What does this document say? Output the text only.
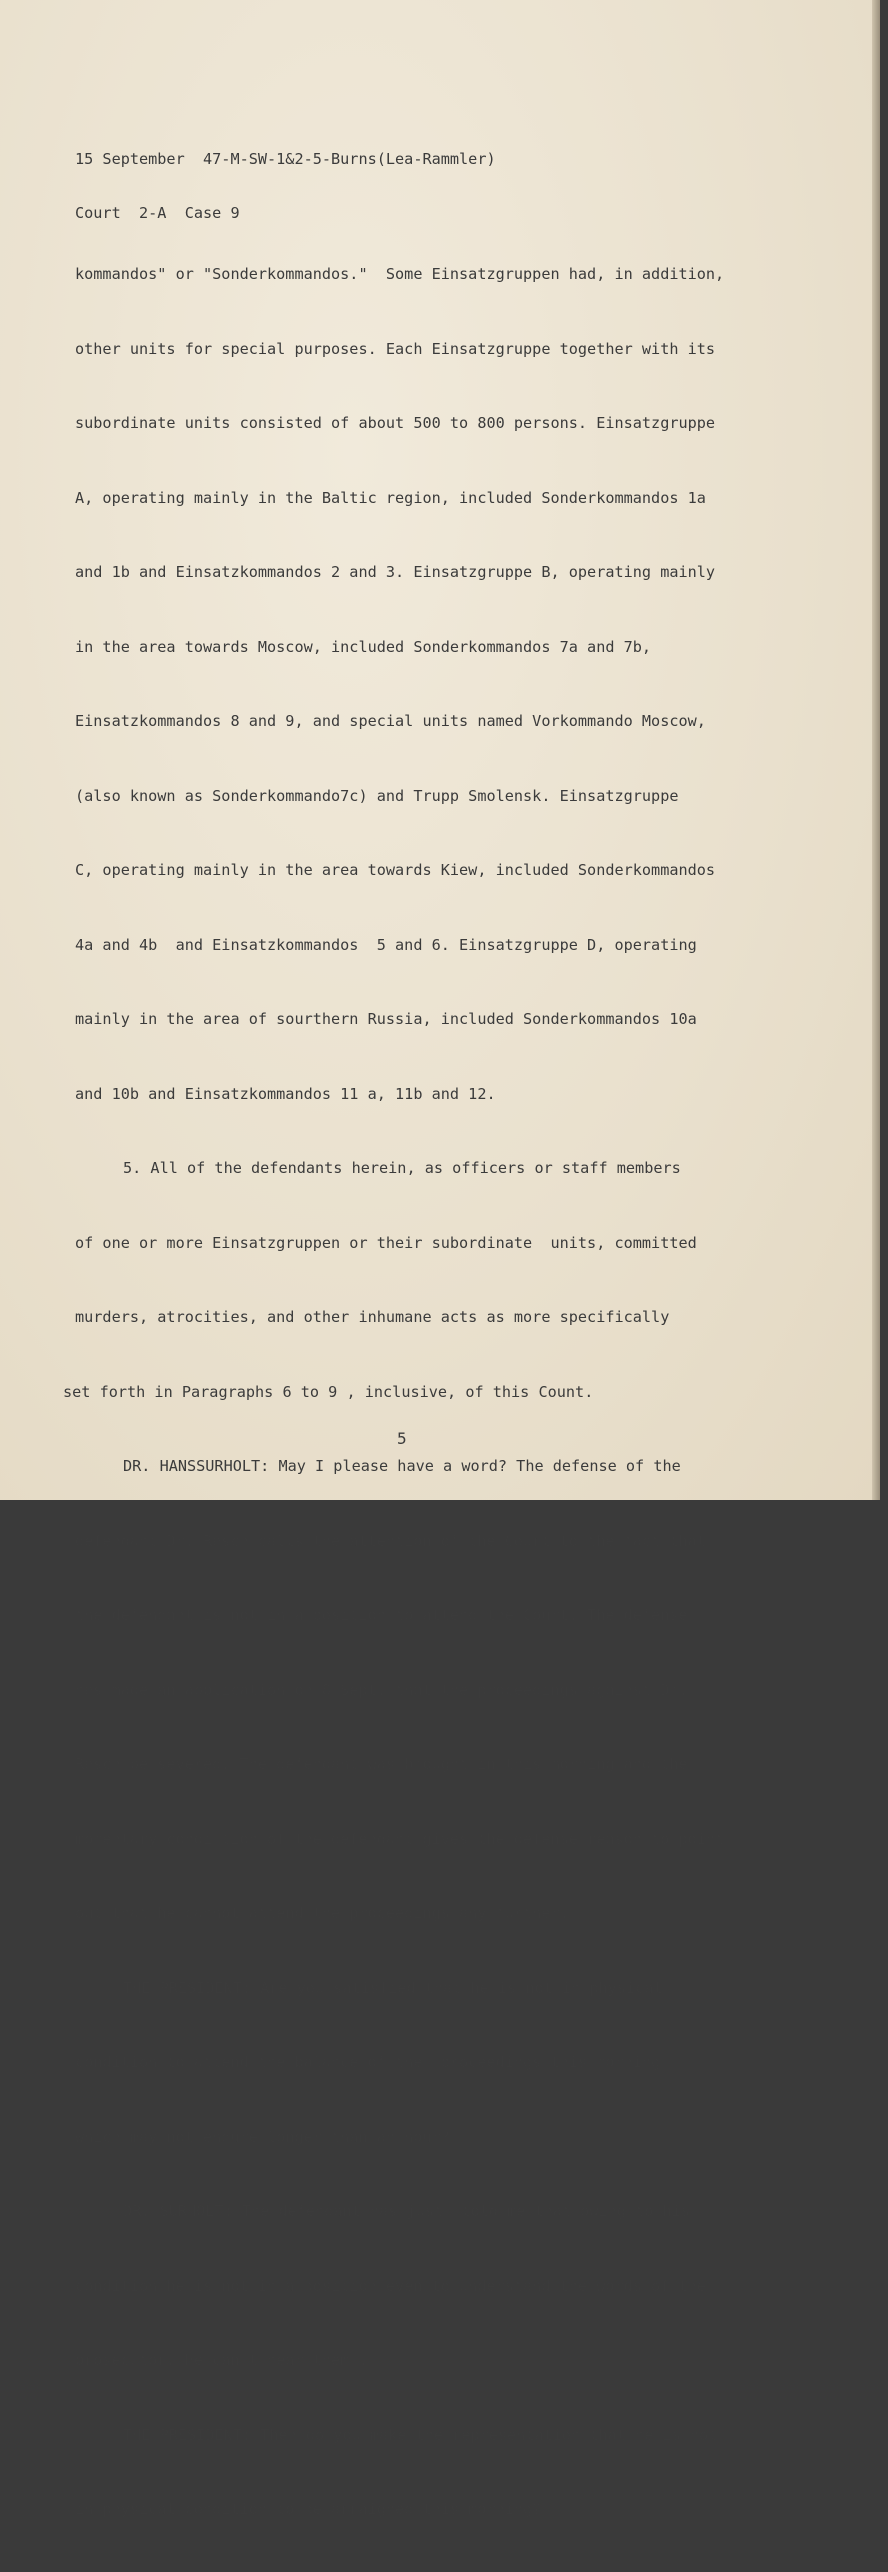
15 September  47-M-SW-1&2-5-Burns(Lea-Rammler)

Court  2-A  Case 9

kommandos" or "Sonderkommandos."  Some Einsatzgruppen had, in addition,

other units for special purposes. Each Einsatzgruppe together with its

subordinate units consisted of about 500 to 800 persons. Einsatzgruppe

A, operating mainly in the Baltic region, included Sonderkommandos 1a

and 1b and Einsatzkommandos 2 and 3. Einsatzgruppe B, operating mainly

in the area towards Moscow, included Sonderkommandos 7a and 7b,

Einsatzkommandos 8 and 9, and special units named Vorkommando Moscow,

(also known as Sonderkommando7c) and Trupp Smolensk. Einsatzgruppe

C, operating mainly in the area towards Kiew, included Sonderkommandos

4a and 4b  and Einsatzkommandos  5 and 6. Einsatzgruppe D, operating

mainly in the area of sourthern Russia, included Sonderkommandos 10a

and 10b and Einsatzkommandos 11 a, 11b and 12.

5. All of the defendants herein, as officers or staff members

of one or more Einsatzgruppen or their subordinate  units, committed

murders, atrocities, and other inhumane acts as more specifically

set forth in Paragraphs 6 to 9 , inclusive, of this Count.

DR. HANSSURHOLT: May I please have a word? The defense of the

defendant Dr. Rasch calls the attention of the Court to the fact that

the defendant is not in a position to attend the Court. The defense

has made an application on 8 Sept. that the proceedings against Dr.

Rasch be severed. The defendant was brought in this morning and the

momentary condi tion of the defendant gives the defense reason to point

out that he cannot attend the proceedings any further.

THE PRESIDENT: Are you satisfied that he is not in physical

condition to attend the balance of the  proceedings this morning

which may not endure longer than an hour?

DR. SURHOLT: The defendant has just  told me that owing to his

condition he is not in a position even to understand the words of the

prosecutor. He can't hear them .

THE PRESIDENT: Then do you make the representation that he is not

in physical condition to be arraigned this morning?

5
